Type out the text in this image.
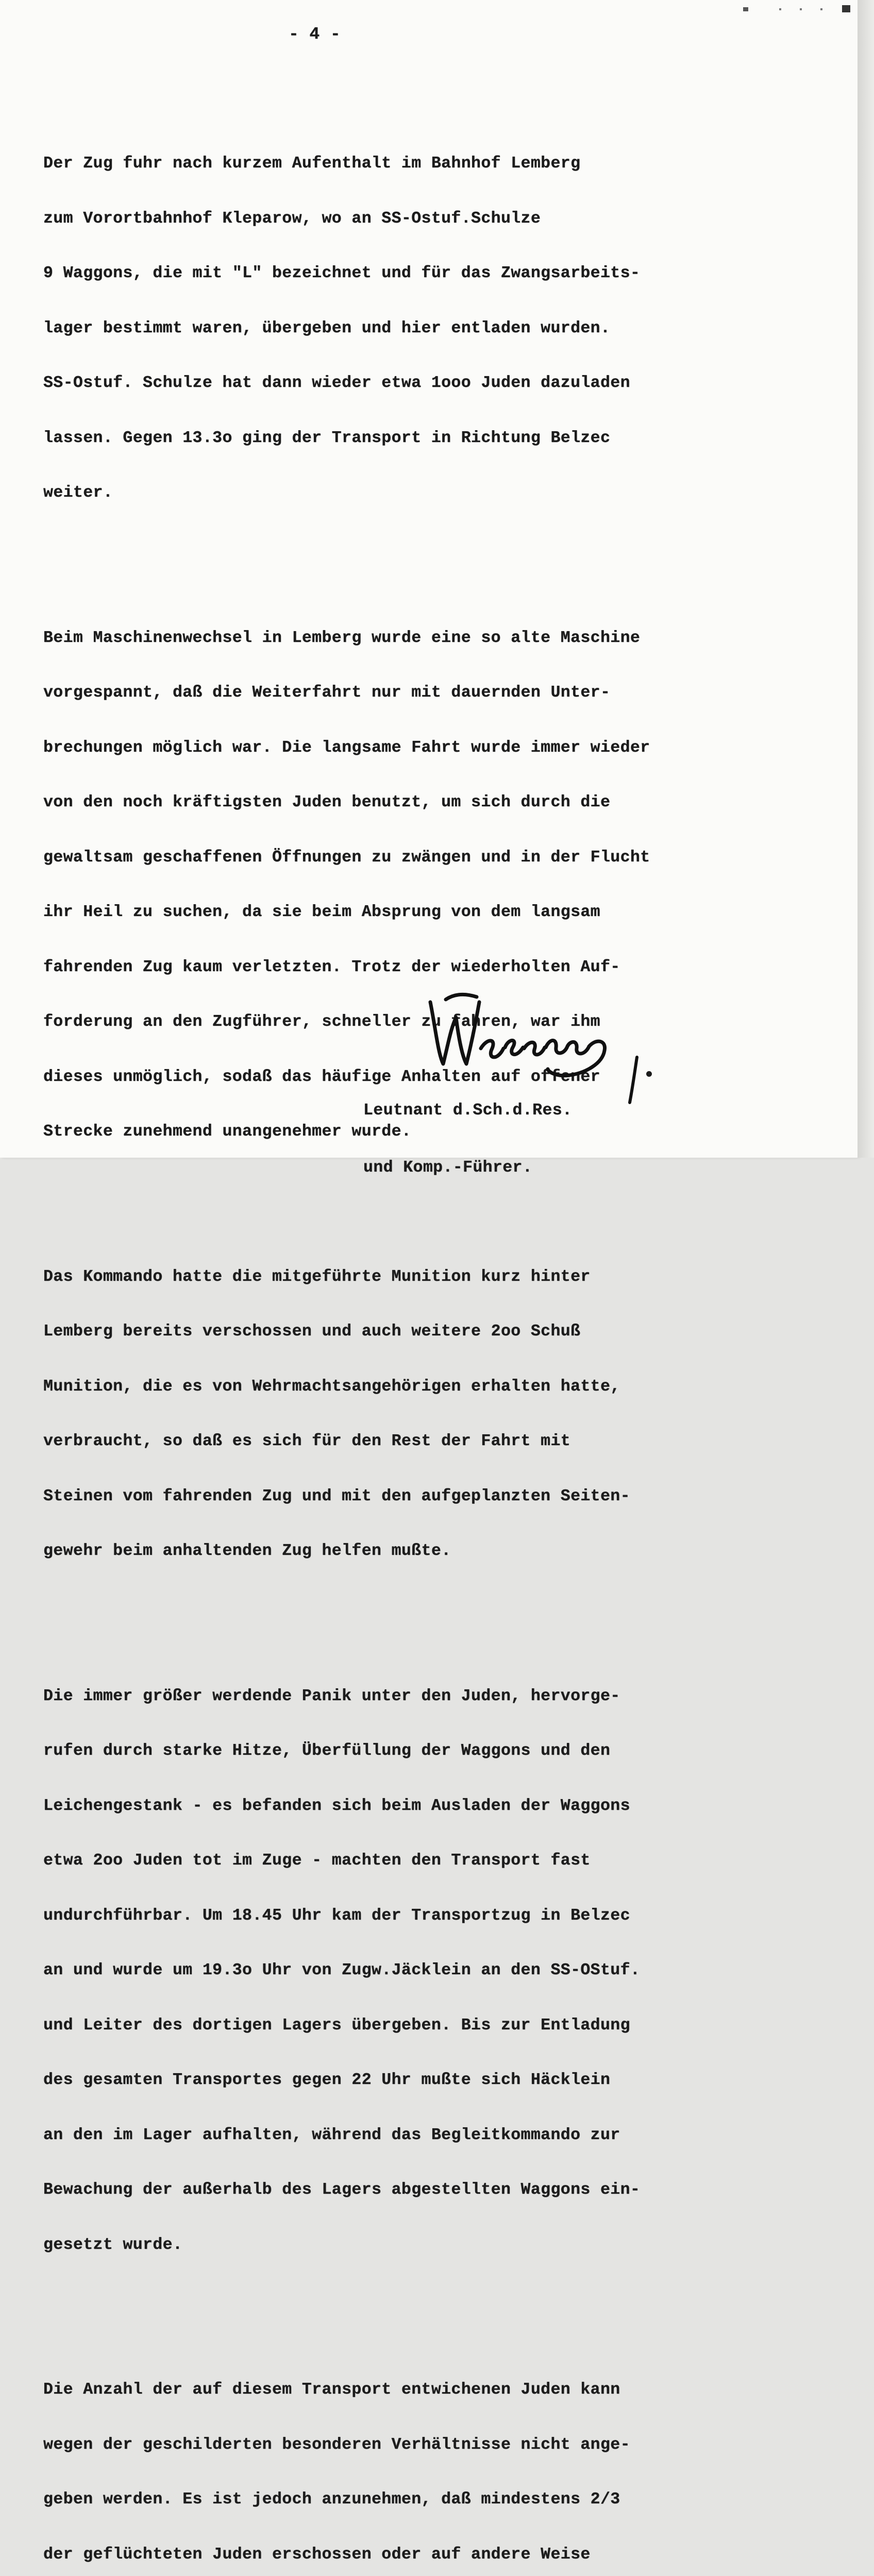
- 4 -

Der Zug fuhr nach kurzem Aufenthalt im Bahnhof Lemberg

zum Vorortbahnhof Kleparow, wo an SS-Ostuf.Schulze

9 Waggons, die mit "L" bezeichnet und für das Zwangsarbeits-

lager bestimmt waren, übergeben und hier entladen wurden.

SS-Ostuf. Schulze hat dann wieder etwa 1ooo Juden dazuladen

lassen. Gegen 13.3o ging der Transport in Richtung Belzec

weiter.

Beim Maschinenwechsel in Lemberg wurde eine so alte Maschine

vorgespannt, daß die Weiterfahrt nur mit dauernden Unter-

brechungen möglich war. Die langsame Fahrt wurde immer wieder

von den noch kräftigsten Juden benutzt, um sich durch die

gewaltsam geschaffenen Öffnungen zu zwängen und in der Flucht

ihr Heil zu suchen, da sie beim Absprung von dem langsam

fahrenden Zug kaum verletzten. Trotz der wiederholten Auf-

forderung an den Zugführer, schneller zu fahren, war ihm

dieses unmöglich, sodaß das häufige Anhalten auf offener

Strecke zunehmend unangenehmer wurde.

Das Kommando hatte die mitgeführte Munition kurz hinter

Lemberg bereits verschossen und auch weitere 2oo Schuß

Munition, die es von Wehrmachtsangehörigen erhalten hatte,

verbraucht, so daß es sich für den Rest der Fahrt mit

Steinen vom fahrenden Zug und mit den aufgeplanzten Seiten-

gewehr beim anhaltenden Zug helfen mußte.

Die immer größer werdende Panik unter den Juden, hervorge-

rufen durch starke Hitze, Überfüllung der Waggons und den

Leichengestank - es befanden sich beim Ausladen der Waggons

etwa 2oo Juden tot im Zuge - machten den Transport fast

undurchführbar. Um 18.45 Uhr kam der Transportzug in Belzec

an und wurde um 19.3o Uhr von Zugw.Jäcklein an den SS-OStuf.

und Leiter des dortigen Lagers übergeben. Bis zur Entladung

des gesamten Transportes gegen 22 Uhr mußte sich Häcklein

an den im Lager aufhalten, während das Begleitkommando zur

Bewachung der außerhalb des Lagers abgestellten Waggons ein-

gesetzt wurde.

Die Anzahl der auf diesem Transport entwichenen Juden kann

wegen der geschilderten besonderen Verhältnisse nicht ange-

geben werden. Es ist jedoch anzunehmen, daß mindestens 2/3

der geflüchteten Juden erschossen oder auf andere Weise

Leutnant d.Sch.d.Res.

und Komp.-Führer.
